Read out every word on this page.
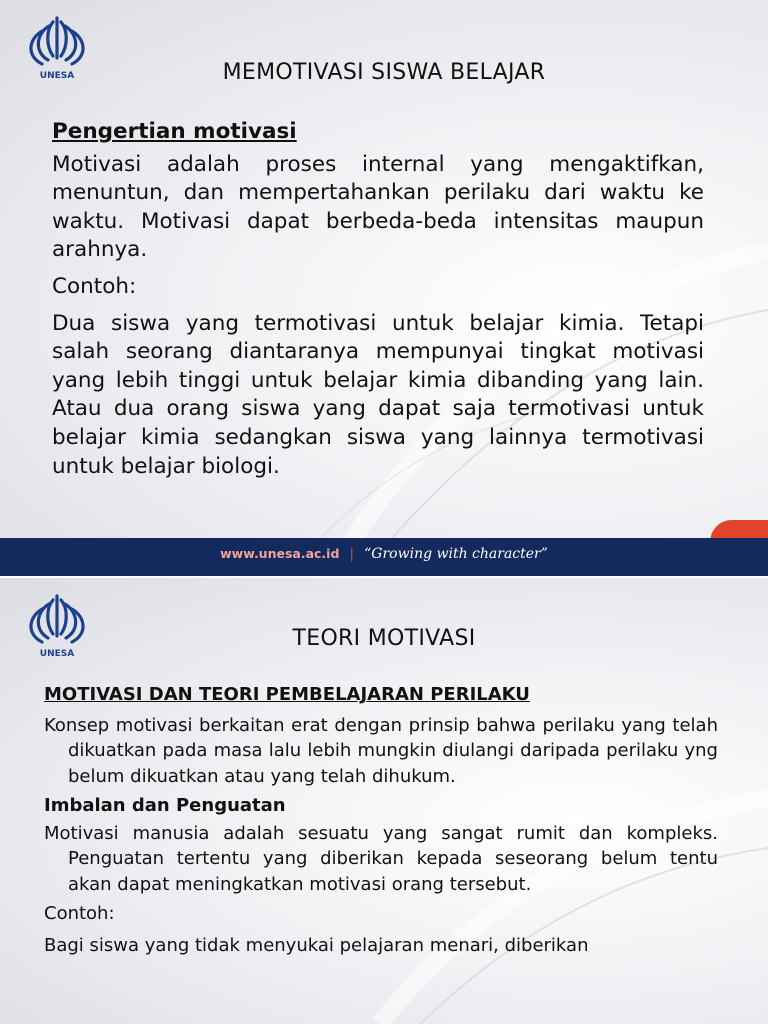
UNESA	MEMOTIVASI SISWA BELAJAR
Pengertian motivasi

Motivasi adalah proses internal yang mengaktifkan, menuntun, dan mempertahankan perilaku dari waktu ke waktu. Motivasi dapat berbeda-beda intensitas maupun arahnya.

Contoh:

Dua siswa yang termotivasi untuk belajar kimia. Tetapi salah seorang diantaranya mempunyai tingkat motivasi yang lebih tinggi untuk belajar kimia dibanding yang lain. Atau dua orang siswa yang dapat saja termotivasi untuk belajar kimia sedangkan siswa yang lainnya termotivasi untuk belajar biologi.

www.unesa.ac.id | “Growing with character”
UNESA
TEORI MOTIVASI
MOTIVASI DAN TEORI PEMBELAJARAN PERILAKU

Konsep motivasi berkaitan erat dengan prinsip bahwa perilaku yang telah dikuatkan pada masa lalu lebih mungkin diulangi daripada perilaku yng belum dikuatkan atau yang telah dihukum.

Imbalan dan Penguatan

Motivasi manusia adalah sesuatu yang sangat rumit dan kompleks. Penguatan tertentu yang diberikan kepada seseorang belum tentu akan dapat meningkatkan motivasi orang tersebut.

Contoh:

Bagi siswa yang tidak menyukai pelajaran menari, diberikan
